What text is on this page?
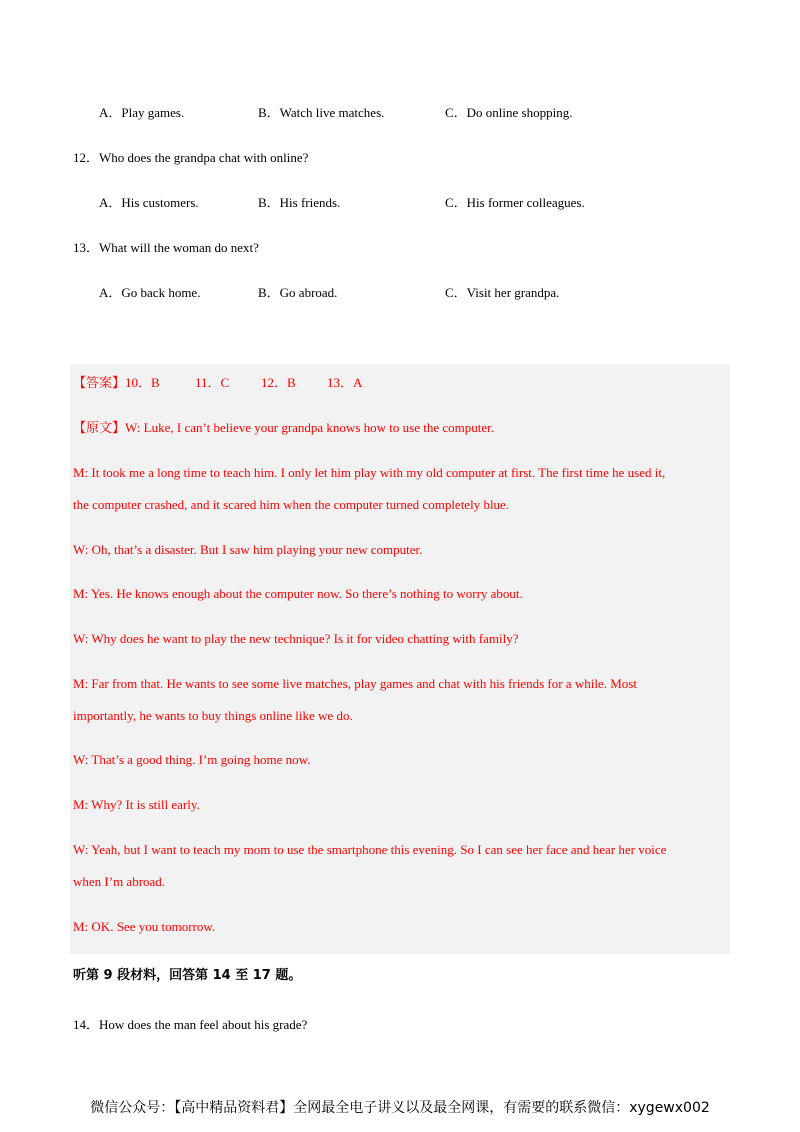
A．Play games.	B．Watch live matches.	C．Do online shopping.
12．Who does the grandpa chat with online?
A．His customers.	B．His friends.	C．His former colleagues.
13．What will the woman do next?
A．Go back home.	B．Go abroad.	C．Visit her grandpa.
【答案】10．B	11．C 12．B 13．A
【原文】W: Luke, I can’t believe your grandpa knows how to use the computer.
M: It took me a long time to teach him. I only let him play with my old computer at first. The first time he used it,
the computer crashed, and it scared him when the computer turned completely blue.
W: Oh, that’s a disaster. But I saw him playing your new computer.
M: Yes. He knows enough about the computer now. So there’s nothing to worry about.
W: Why does he want to play the new technique? Is it for video chatting with family?
M: Far from that. He wants to see some live matches, play games and chat with his friends for a while. Most
importantly, he wants to buy things online like we do.
W: That’s a good thing. I’m going home now.
M: Why? It is still early.
W: Yeah, but I want to teach my mom to use the smartphone this evening. So I can see her face and hear her voice
when I’m abroad.
M: OK. See you tomorrow.
听第 9 段材料，回答第 14 至 17 题。
14．How does the man feel about his grade?
微信公众号：【高中精品资料君】全网最全电子讲义以及最全网课，有需要的联系微信：xygewx002
